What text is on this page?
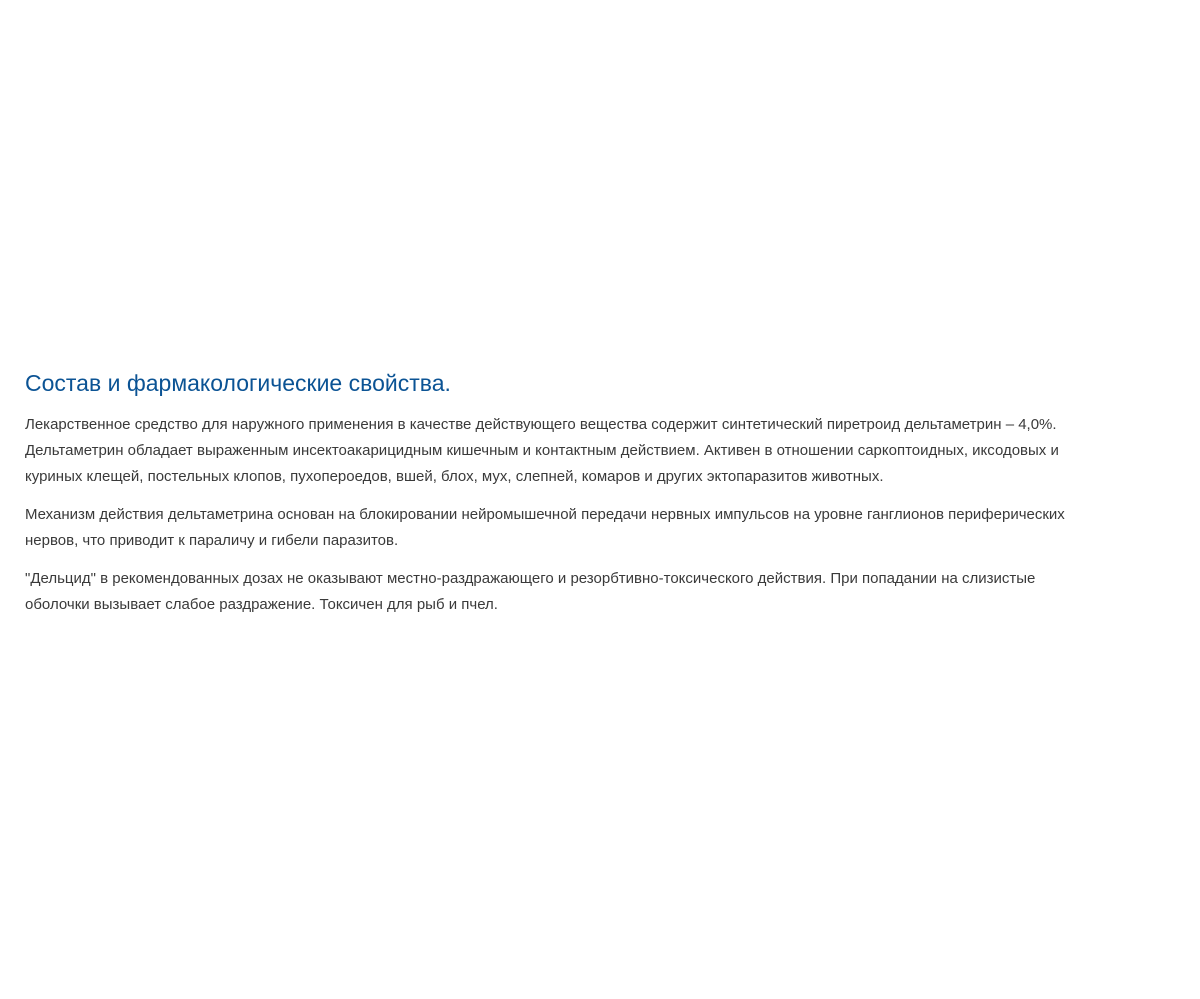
Состав и фармакологические свойства.

Лекарственное средство для наружного применения в качестве действующего вещества содержит синтетический пиретроид дельтаметрин – 4,0%.
Дельтаметрин обладает выраженным инсектоакарицидным кишечным и контактным действием. Активен в отношении саркоптоидных, иксодовых и
куриных клещей, постельных клопов, пухопероедов, вшей, блох, мух, слепней, комаров и других эктопаразитов животных.

Механизм действия дельтаметрина основан на блокировании нейромышечной передачи нервных импульсов на уровне ганглионов периферических
нервов, что приводит к параличу и гибели паразитов.

"Дельцид" в рекомендованных дозах не оказывают местно-раздражающего и резорбтивно-токсического действия. При попадании на слизистые
оболочки вызывает слабое раздражение. Токсичен для рыб и пчел.
